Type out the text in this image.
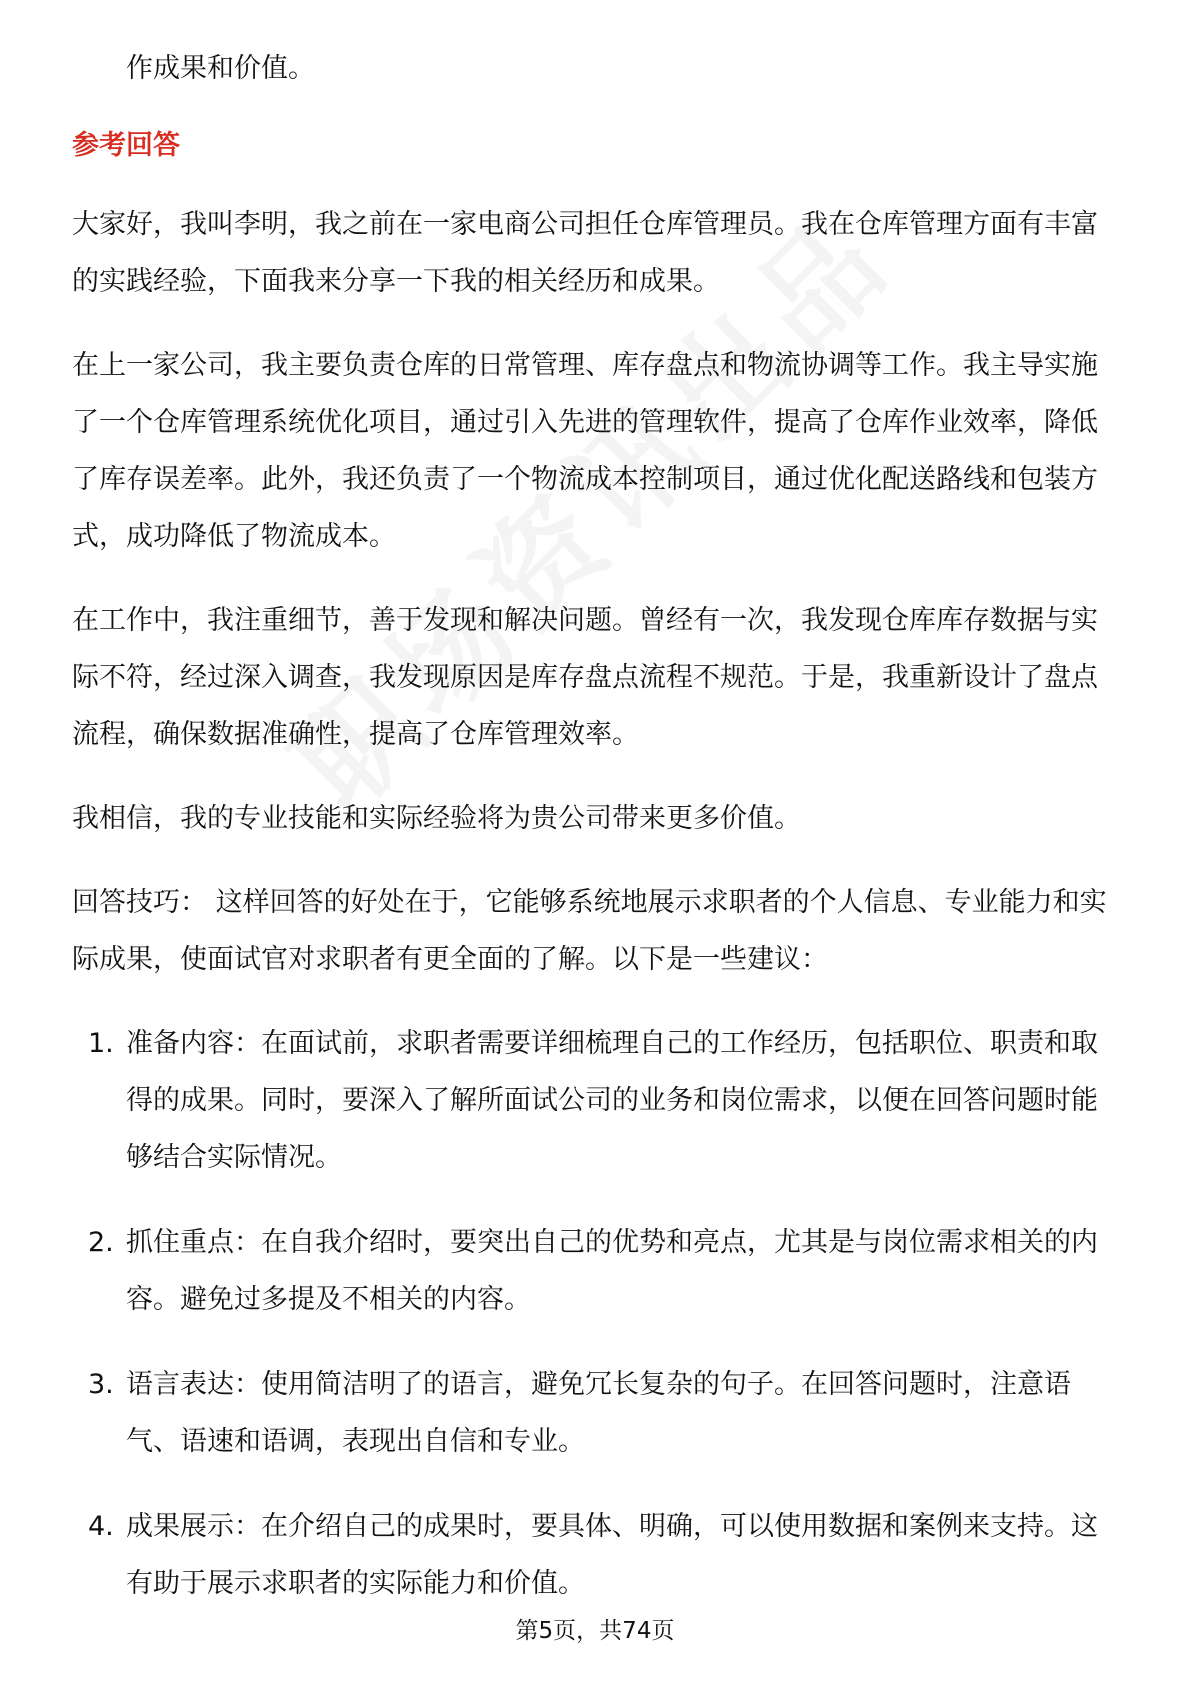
作成果和价值。
参考回答
大家好，我叫李明，我之前在一家电商公司担任仓库管理员。我在仓库管理方面有丰富的实践经验，下面我来分享一下我的相关经历和成果。
在上一家公司，我主要负责仓库的日常管理、库存盘点和物流协调等工作。我主导实施了一个仓库管理系统优化项目，通过引入先进的管理软件，提高了仓库作业效率，降低了库存误差率。此外，我还负责了一个物流成本控制项目，通过优化配送路线和包装方式，成功降低了物流成本。
在工作中，我注重细节，善于发现和解决问题。曾经有一次，我发现仓库库存数据与实际不符，经过深入调查，我发现原因是库存盘点流程不规范。于是，我重新设计了盘点流程，确保数据准确性，提高了仓库管理效率。
我相信，我的专业技能和实际经验将为贵公司带来更多价值。
回答技巧： 这样回答的好处在于，它能够系统地展示求职者的个人信息、专业能力和实际成果，使面试官对求职者有更全面的了解。以下是一些建议：
1. 准备内容：在面试前，求职者需要详细梳理自己的工作经历，包括职位、职责和取得的成果。同时，要深入了解所面试公司的业务和岗位需求，以便在回答问题时能够结合实际情况。
2. 抓住重点：在自我介绍时，要突出自己的优势和亮点，尤其是与岗位需求相关的内容。避免过多提及不相关的内容。
3. 语言表达：使用简洁明了的语言，避免冗长复杂的句子。在回答问题时，注意语气、语速和语调，表现出自信和专业。
4. 成果展示：在介绍自己的成果时，要具体、明确，可以使用数据和案例来支持。这有助于展示求职者的实际能力和价值。
第5页，共74页
